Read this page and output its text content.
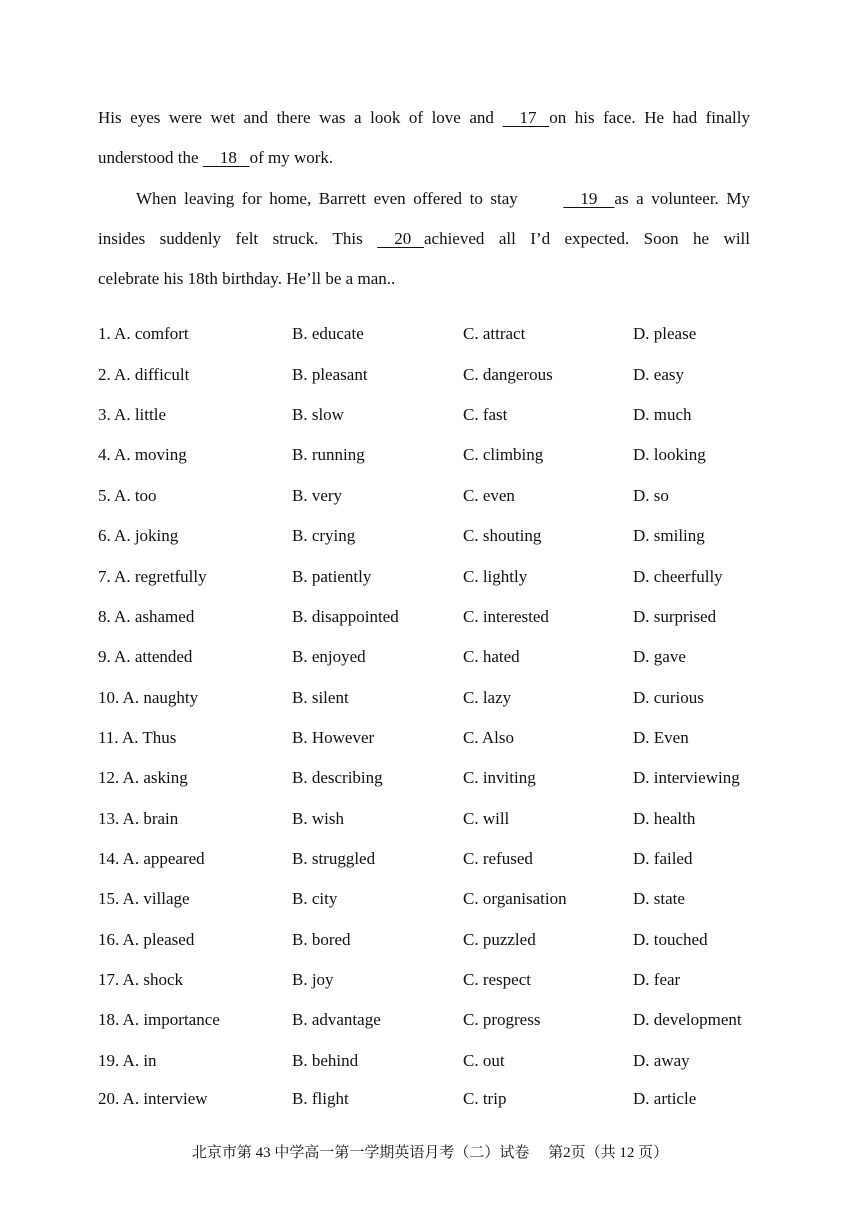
His eyes were wet and there was a look of love and     17   on his face. He had finally
understood the     18   of my work.
When leaving for home, Barrett even offered to stay	19    as a volunteer. My
insides suddenly felt struck. This     20   achieved all I’d expected. Soon he will
celebrate his 18th birthday. He’ll be a man..
1. A. comfort	B. educate	C. attract	D. please
2. A. difficult	B. pleasant	C. dangerous	D. easy
3. A. little	B. slow	C. fast	D. much
4. A. moving	B. running	C. climbing	D. looking
5. A. too	B. very	C. even	D. so
6. A. joking	B. crying	C. shouting	D. smiling
7. A. regretfully	B. patiently	C. lightly	D. cheerfully
8. A. ashamed	B. disappointed	C. interested	D. surprised
9. A. attended	B. enjoyed	C. hated	D. gave
10. A. naughty	B. silent	C. lazy	D. curious
11. A. Thus	B. However	C. Also	D. Even
12. A. asking	B. describing	C. inviting	D. interviewing
13. A. brain	B. wish	C. will	D. health
14. A. appeared	B. struggled	C. refused	D. failed
15. A. village	B. city	C. organisation	D. state
16. A. pleased	B. bored	C. puzzled	D. touched
17. A. shock	B. joy	C. respect	D. fear
18. A. importance	B. advantage	C. progress	D. development
19. A. in	B. behind	C. out	D. away
20. A. interview	B. flight	C. trip	D. article
北京市第 43 中学高一第一学期英语月考（二）试卷 第2页（共 12 页）
